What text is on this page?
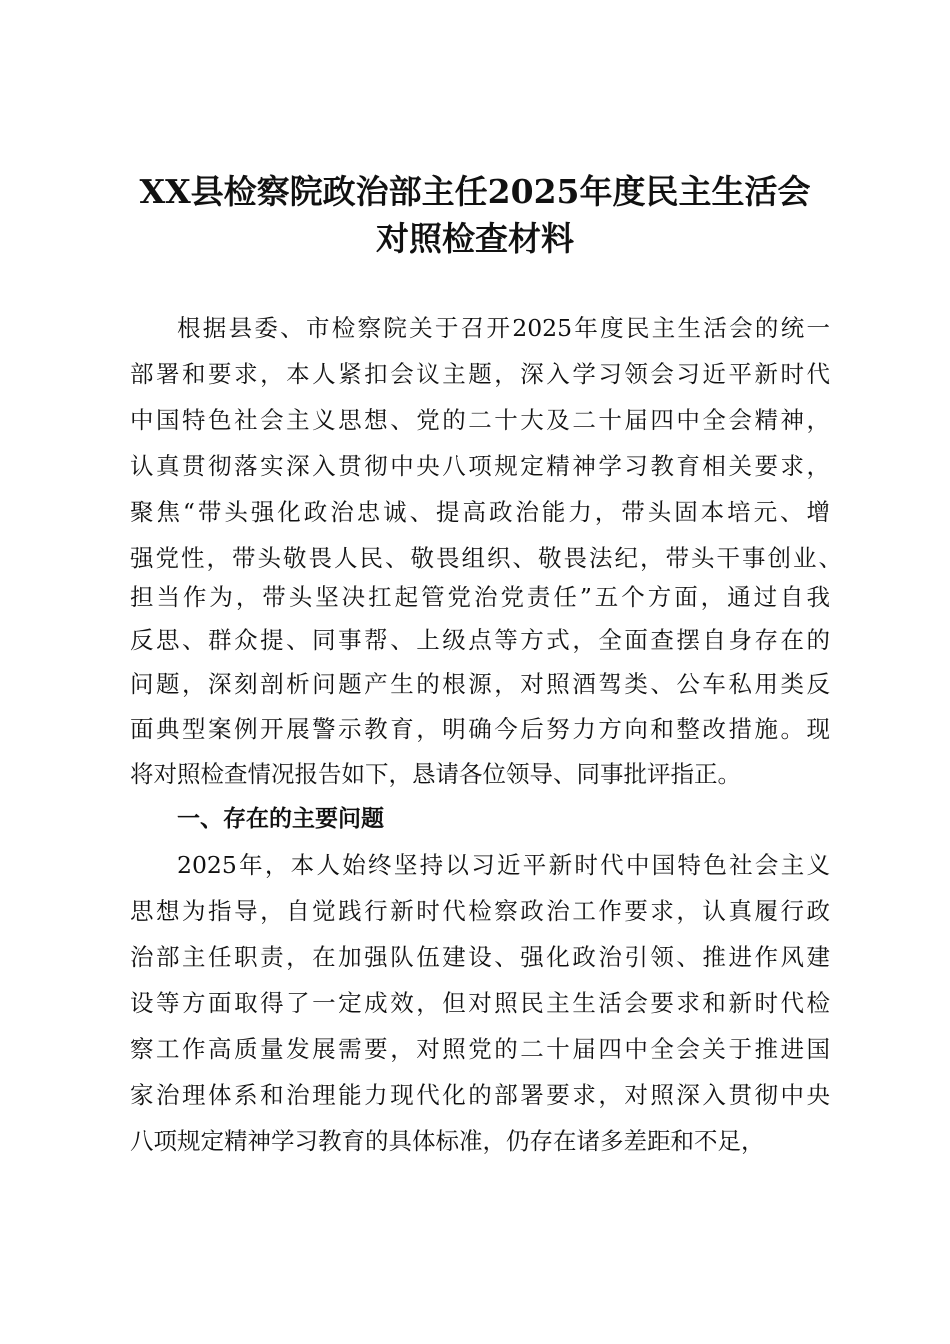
XX县检察院政治部主任2025年度民主生活会
对照检查材料
根据县委、市检察院关于召开2025年度民主生活会的统一
部署和要求，本人紧扣会议主题，深入学习领会习近平新时代
中国特色社会主义思想、党的二十大及二十届四中全会精神，
认真贯彻落实深入贯彻中央八项规定精神学习教育相关要求，
聚焦“带头强化政治忠诚、提高政治能力，带头固本培元、增
强党性，带头敬畏人民、敬畏组织、敬畏法纪，带头干事创业、
担当作为，带头坚决扛起管党治党责任”五个方面，通过自我
反思、群众提、同事帮、上级点等方式，全面查摆自身存在的
问题，深刻剖析问题产生的根源，对照酒驾类、公车私用类反
面典型案例开展警示教育，明确今后努力方向和整改措施。现
将对照检查情况报告如下，恳请各位领导、同事批评指正。
一、存在的主要问题
2025年，本人始终坚持以习近平新时代中国特色社会主义
思想为指导，自觉践行新时代检察政治工作要求，认真履行政
治部主任职责，在加强队伍建设、强化政治引领、推进作风建
设等方面取得了一定成效，但对照民主生活会要求和新时代检
察工作高质量发展需要，对照党的二十届四中全会关于推进国
家治理体系和治理能力现代化的部署要求，对照深入贯彻中央
八项规定精神学习教育的具体标准，仍存在诸多差距和不足，
